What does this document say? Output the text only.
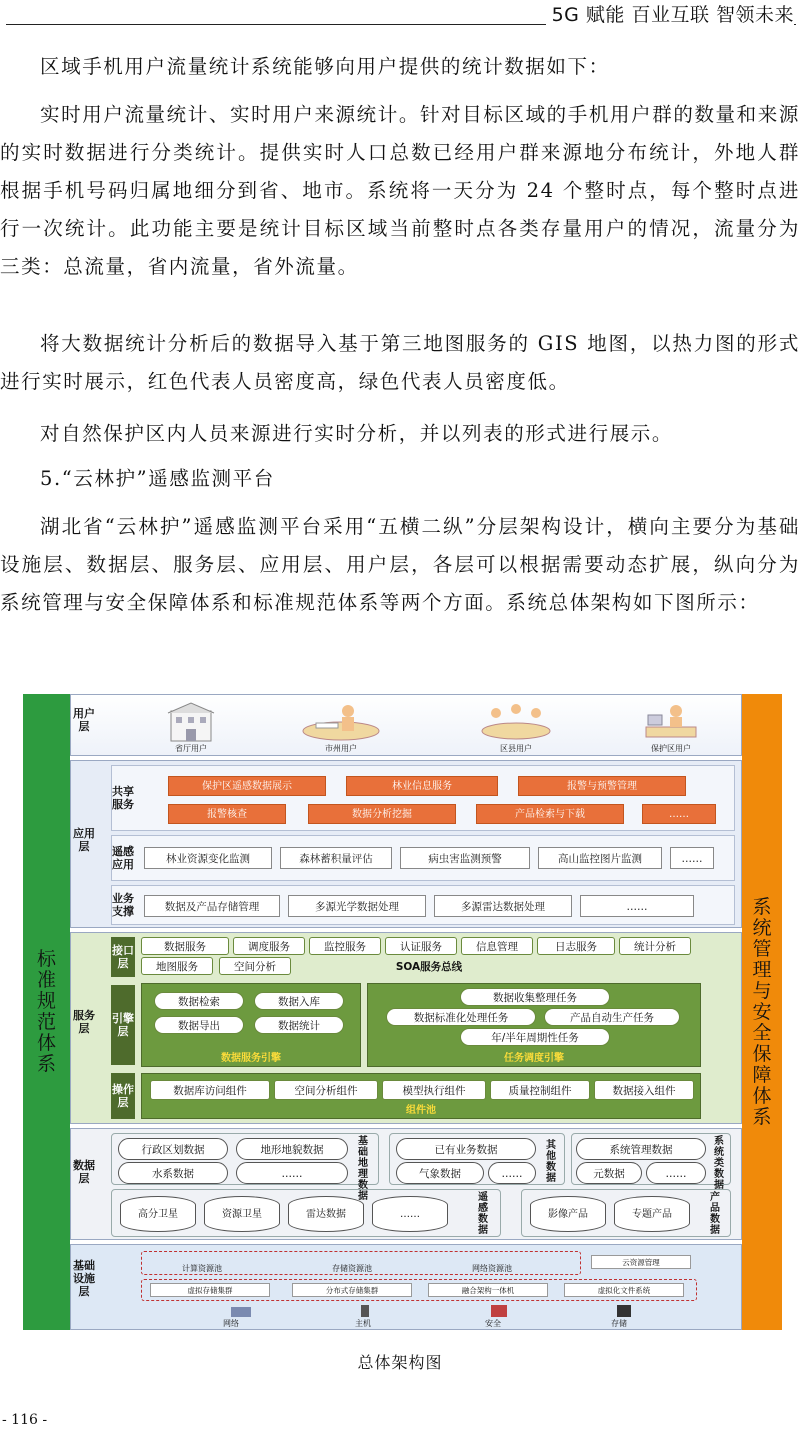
5G 赋能 百业互联 智领未来

区域手机用户流量统计系统能够向用户提供的统计数据如下：

实时用户流量统计、实时用户来源统计。针对目标区域的手机用户群的数量和来源的实时数据进行分类统计。提供实时人口总数已经用户群来源地分布统计，外地人群根据手机号码归属地细分到省、地市。系统将一天分为 24 个整时点，每个整时点进行一次统计。此功能主要是统计目标区域当前整时点各类存量用户的情况，流量分为三类：总流量，省内流量，省外流量。

将大数据统计分析后的数据导入基于第三地图服务的 GIS 地图，以热力图的形式进行实时展示，红色代表人员密度高，绿色代表人员密度低。

对自然保护区内人员来源进行实时分析，并以列表的形式进行展示。

5.“云林护”遥感监测平台

湖北省“云林护”遥感监测平台采用“五横二纵”分层架构设计，横向主要分为基础设施层、数据层、服务层、应用层、用户层，各层可以根据需要动态扩展，纵向分为系统管理与安全保障体系和标准规范体系等两个方面。系统总体架构如下图所示：

标准规范体系
系统管理与安全保障体系
用户层
省厅用户	市州用户	区县用户	保护区用户
应用层
共享服务
保护区遥感数据展示	林业信息服务	报警与预警管理
报警核查	数据分析挖掘	产品检索与下载	……
遥感应用	林业资源变化监测	森林蓄积量评估	病虫害监测预警	高山监控图片监测	……
业务支撑	数据及产品存储管理	多源光学数据处理	多源雷达数据处理	……
服务层
接口层
数据服务	调度服务	监控服务	认证服务	信息管理	日志服务	统计分析
地图服务	空间分析	SOA服务总线
引擎层
数据检索	数据入库
数据导出	数据统计
数据服务引擎
数据收集整理任务
数据标准化处理任务	产品自动生产任务
年/半年周期性任务
任务调度引擎
操作层
数据库访问组件	空间分析组件	模型执行组件	质量控制组件	数据接入组件
组件池
数据层
行政区划数据	地形地貌数据
水系数据	……
基础地理数据
已有业务数据
气象数据	……
其他数据
系统管理数据
元数据	……
系统类数据
高分卫星	资源卫星	雷达数据	……
遥感数据
影像产品	专题产品
产品数据
基础设施层
计算资源池	存储资源池	网络资源池
云资源管理
虚拟存储集群	分布式存储集群	融合架构一体机	虚拟化文件系统
网络	主机	安全	存储
总体架构图
- 116 -
